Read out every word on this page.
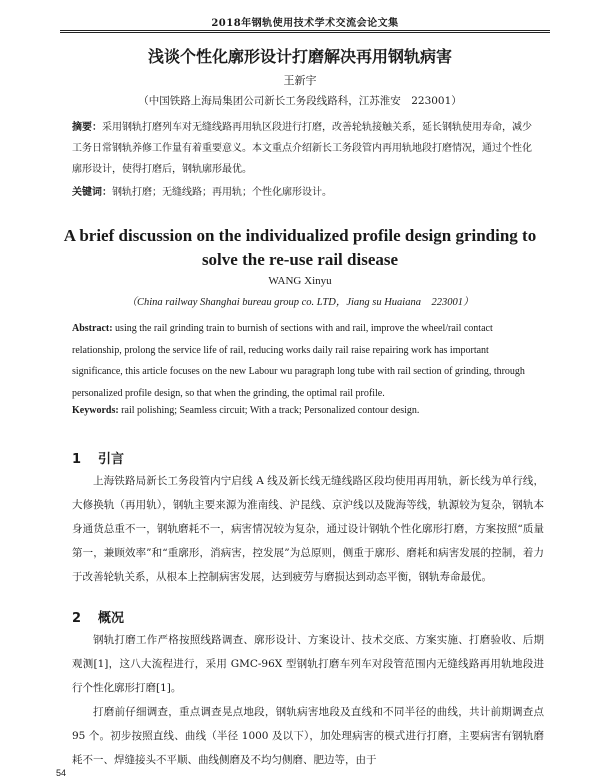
2018年钢轨使用技术学术交流会论文集
浅谈个性化廓形设计打磨解决再用钢轨病害
王新宇
（中国铁路上海局集团公司新长工务段线路科，江苏淮安　223001）
摘要：采用钢轨打磨列车对无缝线路再用轨区段进行打磨，改善轮轨接触关系，延长钢轨使用寿命，减少工务日常钢轨养修工作量有着重要意义。本文重点介绍新长工务段管内再用轨地段打磨情况，通过个性化廓形设计，使得打磨后，钢轨廓形最优。
关键词：钢轨打磨；无缝线路；再用轨；个性化廓形设计。
A brief discussion on the individualized profile design grinding to solve the re-use rail disease
WANG Xinyu
（China railway Shanghai bureau group co. LTD，Jiang su Huaiana　223001）
Abstract: using the rail grinding train to burnish of sections with and rail, improve the wheel/rail contact relationship, prolong the service life of rail, reducing works daily rail raise repairing work has important significance, this article focuses on the new Labour wu paragraph long tube with rail section of grinding, through personalized profile design, so that when the grinding, the optimal rail profile.
Keywords: rail polishing; Seamless circuit; With a track; Personalized contour design.
1 引言

上海铁路局新长工务段管内宁启线 A 线及新长线无缝线路区段均使用再用轨，新长线为单行线，大修换轨（再用轨），钢轨主要来源为淮南线、沪昆线、京沪线以及陇海等线，轨源较为复杂，钢轨本身通货总重不一，钢轨磨耗不一，病害情况较为复杂，通过设计钢轨个性化廓形打磨，方案按照“质量第一，兼顾效率”和“重廓形，消病害，控发展”为总原则，侧重于廓形、磨耗和病害发展的控制，着力于改善轮轨关系，从根本上控制病害发展，达到疲劳与磨损达到动态平衡，钢轨寿命最优。

2 概况

钢轨打磨工作严格按照线路调查、廓形设计、方案设计、技术交底、方案实施、打磨验收、后期观测[1]，这八大流程进行，采用 GMC-96X 型钢轨打磨车列车对段管范围内无缝线路再用轨地段进行个性化廓形打磨[1]。

打磨前仔细调查，重点调查晃点地段，钢轨病害地段及直线和不同半径的曲线，共计前期调查点 95 个。初步按照直线、曲线（半径 1000 及以下），加处理病害的模式进行打磨，主要病害有钢轨磨耗不一、焊缝接头不平顺、曲线侧磨及不均匀侧磨、肥边等，由于

54
